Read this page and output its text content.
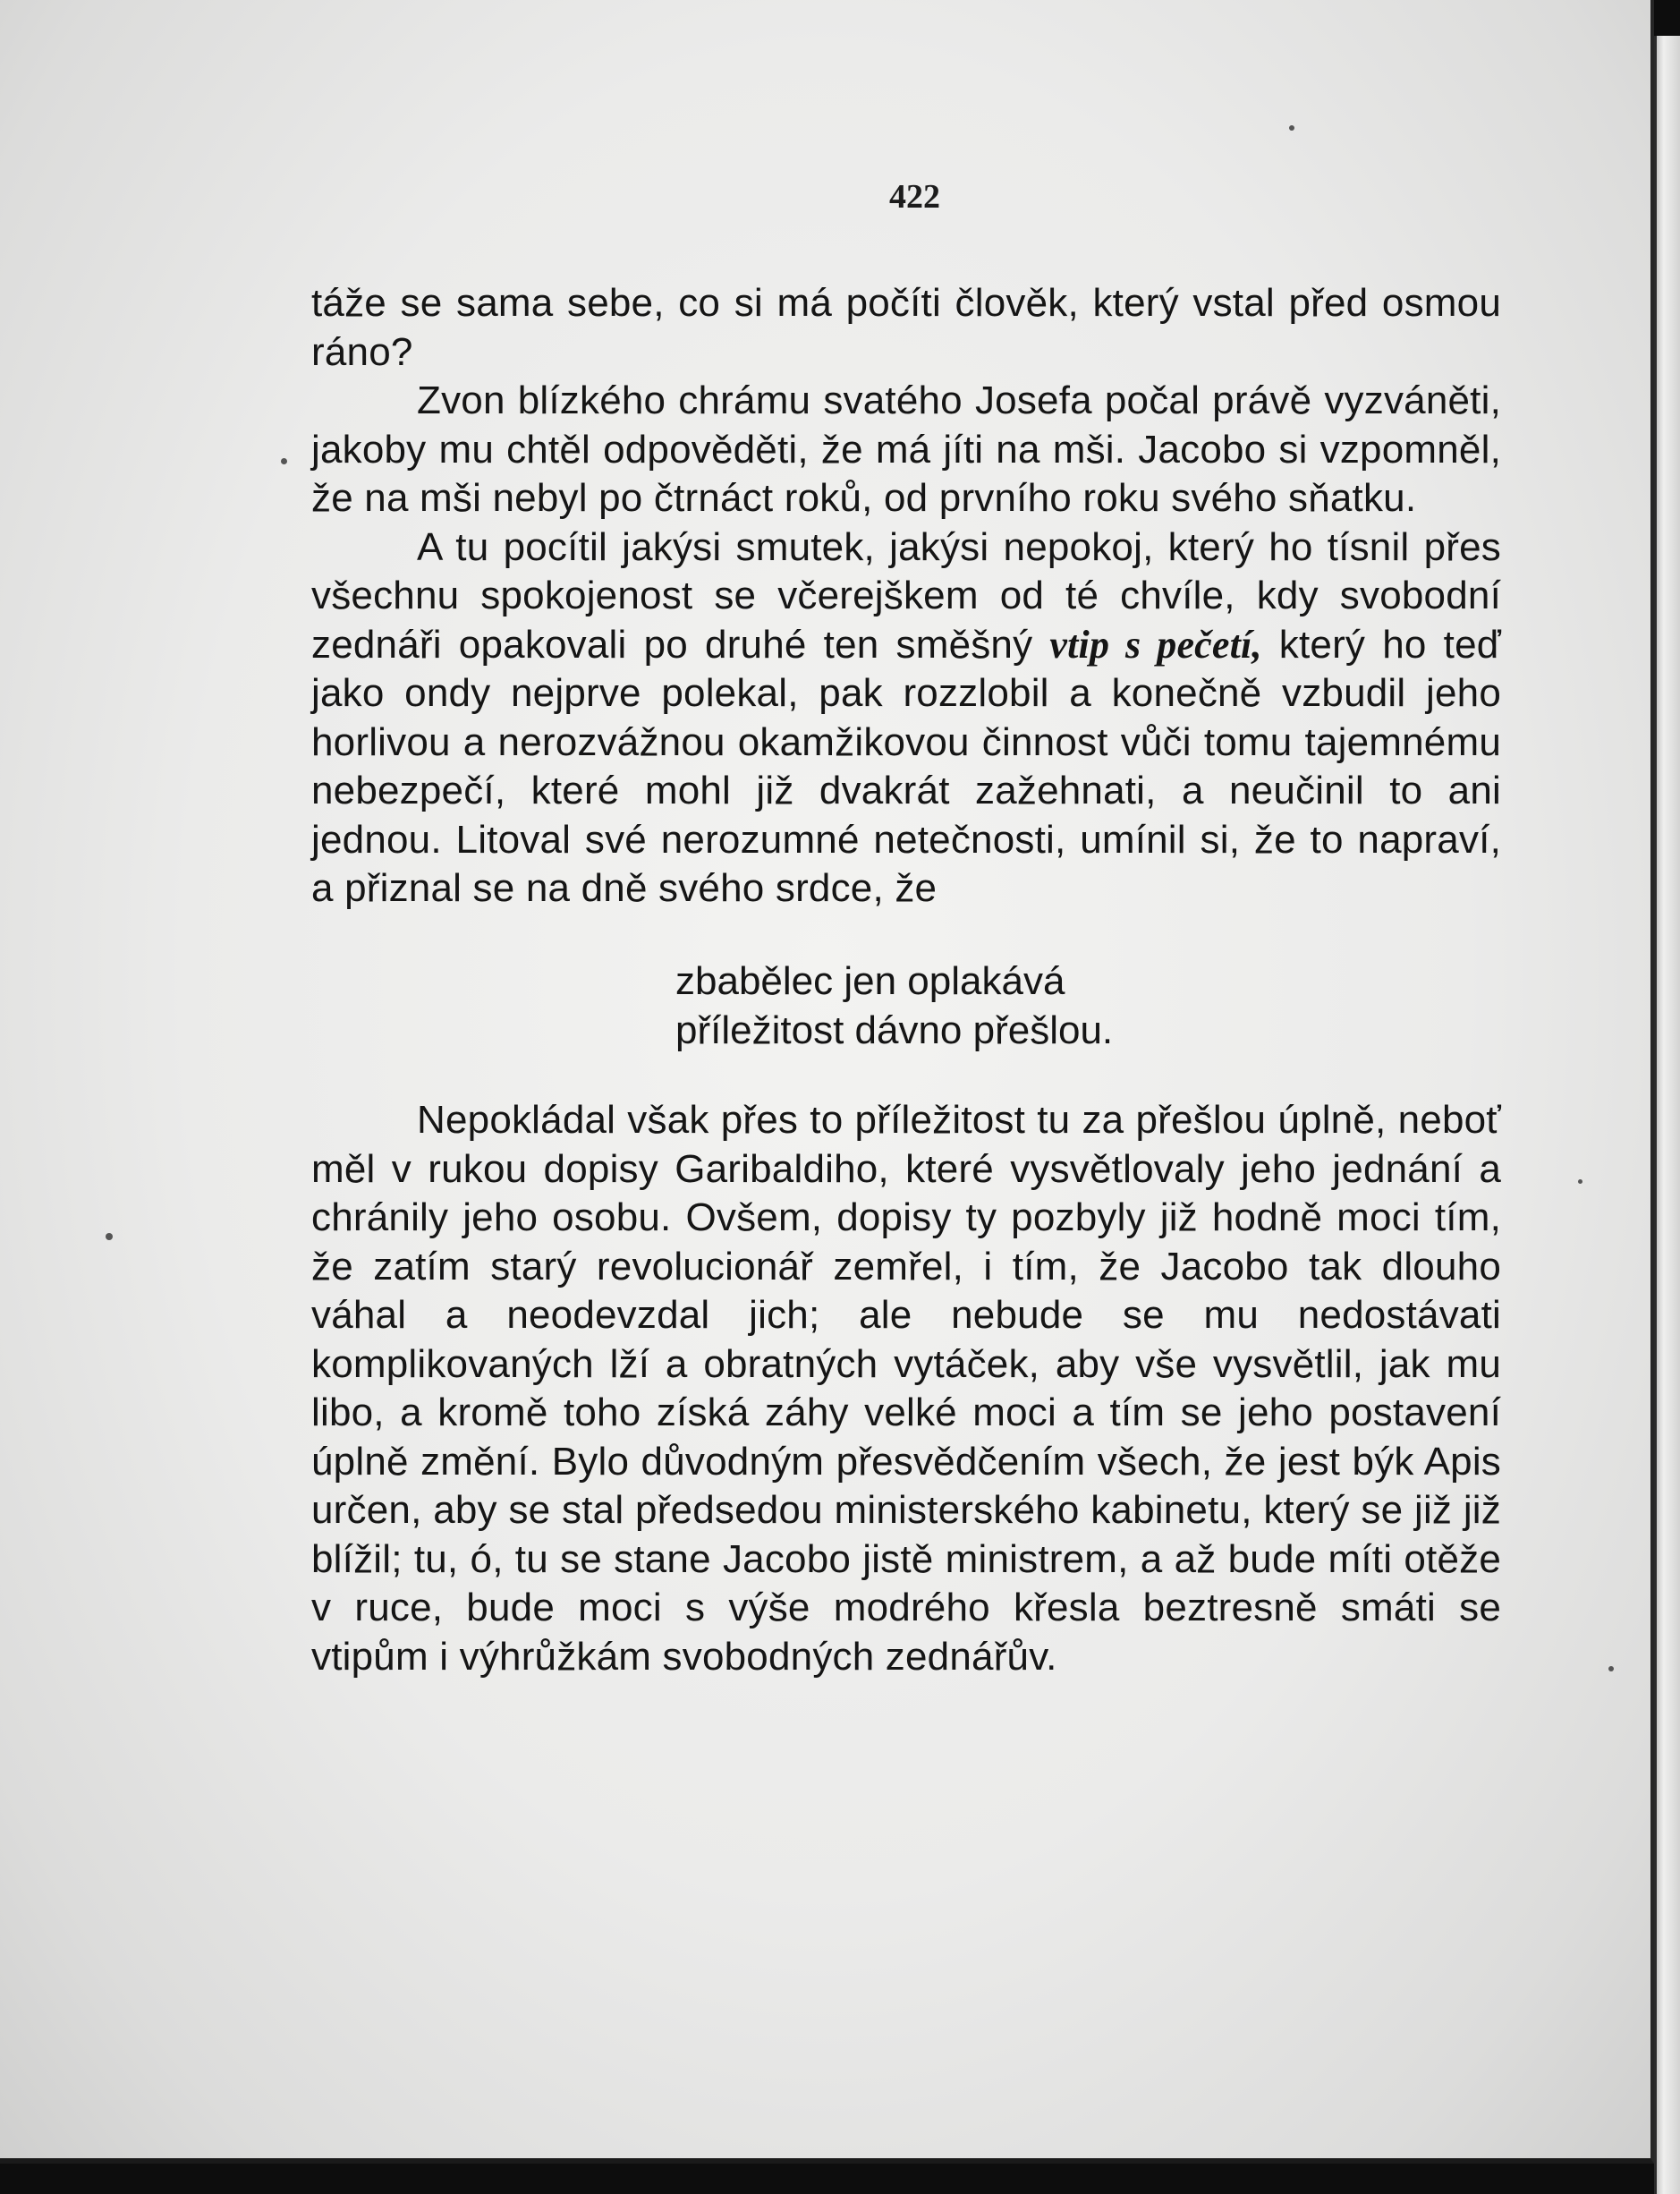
422

táže se sama sebe, co si má počíti člověk, který vstal před osmou ráno?

Zvon blízkého chrámu svatého Josefa počal právě vyzváněti, jakoby mu chtěl odpověděti, že má jíti na mši. Jacobo si vzpomněl, že na mši nebyl po čtrnáct roků, od prvního roku svého sňatku.

A tu pocítil jakýsi smutek, jakýsi nepokoj, který ho tísnil přes všechnu spokojenost se včerejškem od té chvíle, kdy svobodní zednáři opakovali po druhé ten směšný vtip s pečetí, který ho teď jako ondy nejprve polekal, pak rozzlobil a konečně vzbudil jeho horlivou a nerozvážnou okamžikovou činnost vůči tomu tajemnému nebezpečí, které mohl již dvakrát zažehnati, a neučinil to ani jednou. Litoval své nerozumné netečnosti, umínil si, že to napraví, a přiznal se na dně svého srdce, že

zbabělec jen oplakává
příležitost dávno přešlou.

Nepokládal však přes to příležitost tu za přešlou úplně, neboť měl v rukou dopisy Garibaldiho, které vysvětlovaly jeho jednání a chránily jeho osobu. Ovšem, dopisy ty pozbyly již hodně moci tím, že zatím starý revolucionář zemřel, i tím, že Jacobo tak dlouho váhal a neodevzdal jich; ale nebude se mu nedostávati komplikovaných lží a obratných vytáček, aby vše vysvětlil, jak mu libo, a kromě toho získá záhy velké moci a tím se jeho postavení úplně změní. Bylo důvodným přesvědčením všech, že jest býk Apis určen, aby se stal předsedou ministerského kabinetu, který se již již blížil; tu, ó, tu se stane Jacobo jistě ministrem, a až bude míti otěže v ruce, bude moci s výše modrého křesla beztresně smáti se vtipům i výhrůžkám svobodných zednářův.
